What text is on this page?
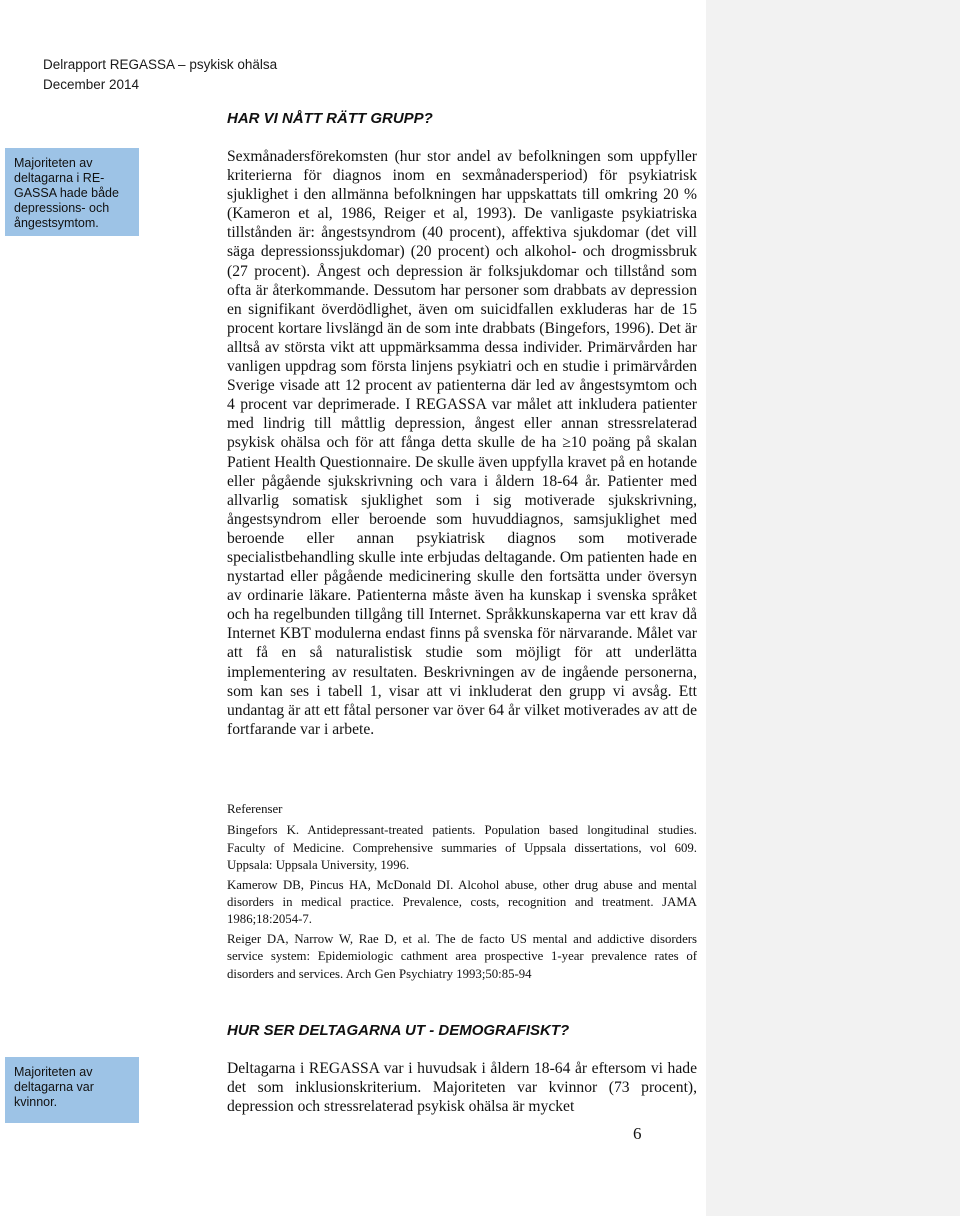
Delrapport REGASSA – psykisk ohälsa
December 2014
HAR VI NÅTT RÄTT GRUPP?
Majoriteten av deltagarna i RE-GASSA hade både depressions- och ångestsymtom.
Sexmånadersförekomsten (hur stor andel av befolkningen som uppfyller kriterierna för diagnos inom en sexmånadersperiod) för psykiatrisk sjuklighet i den allmänna befolkningen har uppskattats till omkring 20 % (Kameron et al, 1986, Reiger et al, 1993). De vanligaste psykiatriska tillstånden är: ångestsyndrom (40 procent), affektiva sjukdomar (det vill säga depressionssjukdomar) (20 procent) och alkohol- och drogmissbruk (27 procent). Ångest och depression är folksjukdomar och tillstånd som ofta är återkommande. Dessutom har personer som drabbats av depression en signifikant överdödlighet, även om suicidfallen exkluderas har de 15 procent kortare livslängd än de som inte drabbats (Bingefors, 1996). Det är alltså av största vikt att uppmärksamma dessa individer. Primärvården har vanligen uppdrag som första linjens psykiatri och en studie i primärvården Sverige visade att 12 procent av patienterna där led av ångestsymtom och 4 procent var deprimerade. I REGASSA var målet att inkludera patienter med lindrig till måttlig depression, ångest eller annan stressrelaterad psykisk ohälsa och för att fånga detta skulle de ha ≥10 poäng på skalan Patient Health Questionnaire. De skulle även uppfylla kravet på en hotande eller pågående sjukskrivning och vara i åldern 18-64 år. Patienter med allvarlig somatisk sjuklighet som i sig motiverade sjukskrivning, ångestsyndrom eller beroende som huvuddiagnos, samsjuklighet med beroende eller annan psykiatrisk diagnos som motiverade specialistbehandling skulle inte erbjudas deltagande. Om patienten hade en nystartad eller pågående medicinering skulle den fortsätta under översyn av ordinarie läkare. Patienterna måste även ha kunskap i svenska språket och ha regelbunden tillgång till Internet. Språkkunskaperna var ett krav då Internet KBT modulerna endast finns på svenska för närvarande. Målet var att få en så naturalistisk studie som möjligt för att underlätta implementering av resultaten. Beskrivningen av de ingående personerna, som kan ses i tabell 1, visar att vi inkluderat den grupp vi avsåg. Ett undantag är att ett fåtal personer var över 64 år vilket motiverades av att de fortfarande var i arbete.
Referenser
Bingefors K. Antidepressant-treated patients. Population based longitudinal studies. Faculty of Medicine. Comprehensive summaries of Uppsala dissertations, vol 609. Uppsala: Uppsala University, 1996.
Kamerow DB, Pincus HA, McDonald DI. Alcohol abuse, other drug abuse and mental disorders in medical practice. Prevalence, costs, recognition and treatment. JAMA 1986;18:2054-7.
Reiger DA, Narrow W, Rae D, et al. The de facto US mental and addictive disorders service system: Epidemiologic cathment area prospective 1-year prevalence rates of disorders and services. Arch Gen Psychiatry 1993;50:85-94
HUR SER DELTAGARNA UT - DEMOGRAFISKT?
Majoriteten av deltagarna var kvinnor.
Deltagarna i REGASSA var i huvudsak i åldern 18-64 år eftersom vi hade det som inklusionskriterium. Majoriteten var kvinnor (73 procent), depression och stressrelaterad psykisk ohälsa är mycket
6
